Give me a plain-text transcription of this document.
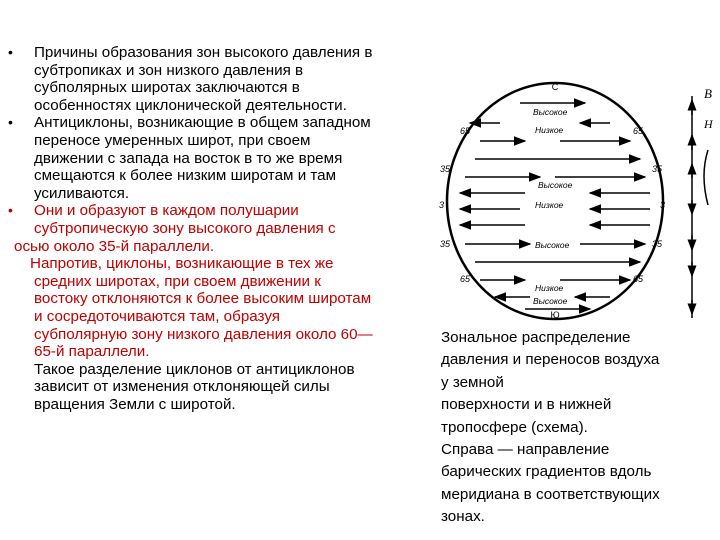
• Причины образования зон высокого давления в
субтропиках и зон низкого давления в
субполярных широтах заключаются в
особенностях циклонической деятельности.
• Антициклоны, возникающие в общем западном
переносе умеренных широт, при своем
движении с запада на восток в то же время
смещаются к более низким широтам и там
усиливаются.
• Они и образуют в каждом полушарии
субтропическую зону высокого давления с
осью около 35-й параллели.
Напротив, циклоны, возникающие в тех же
средних широтах, при своем движении к
востоку отклоняются к более высоким широтам
и сосредоточиваются там, образуя
субполярную зону низкого давления около 60—
65-й параллели.
Такое разделение циклонов от антициклонов
зависит от изменения отклоняющей силы
вращения Земли с широтой.
С
Ю
65
35
3
35
65
65
35
3
35
65
Высокое
Низкое
Высокое
Низкое
Высокое
Низкое
Высокое
В
Н
Зональное распределение
давления и переносов воздуха
у земной
поверхности и в нижней
тропосфере (схема).
Справа — направление
барических градиентов вдоль
меридиана в соответствующих
зонах.
